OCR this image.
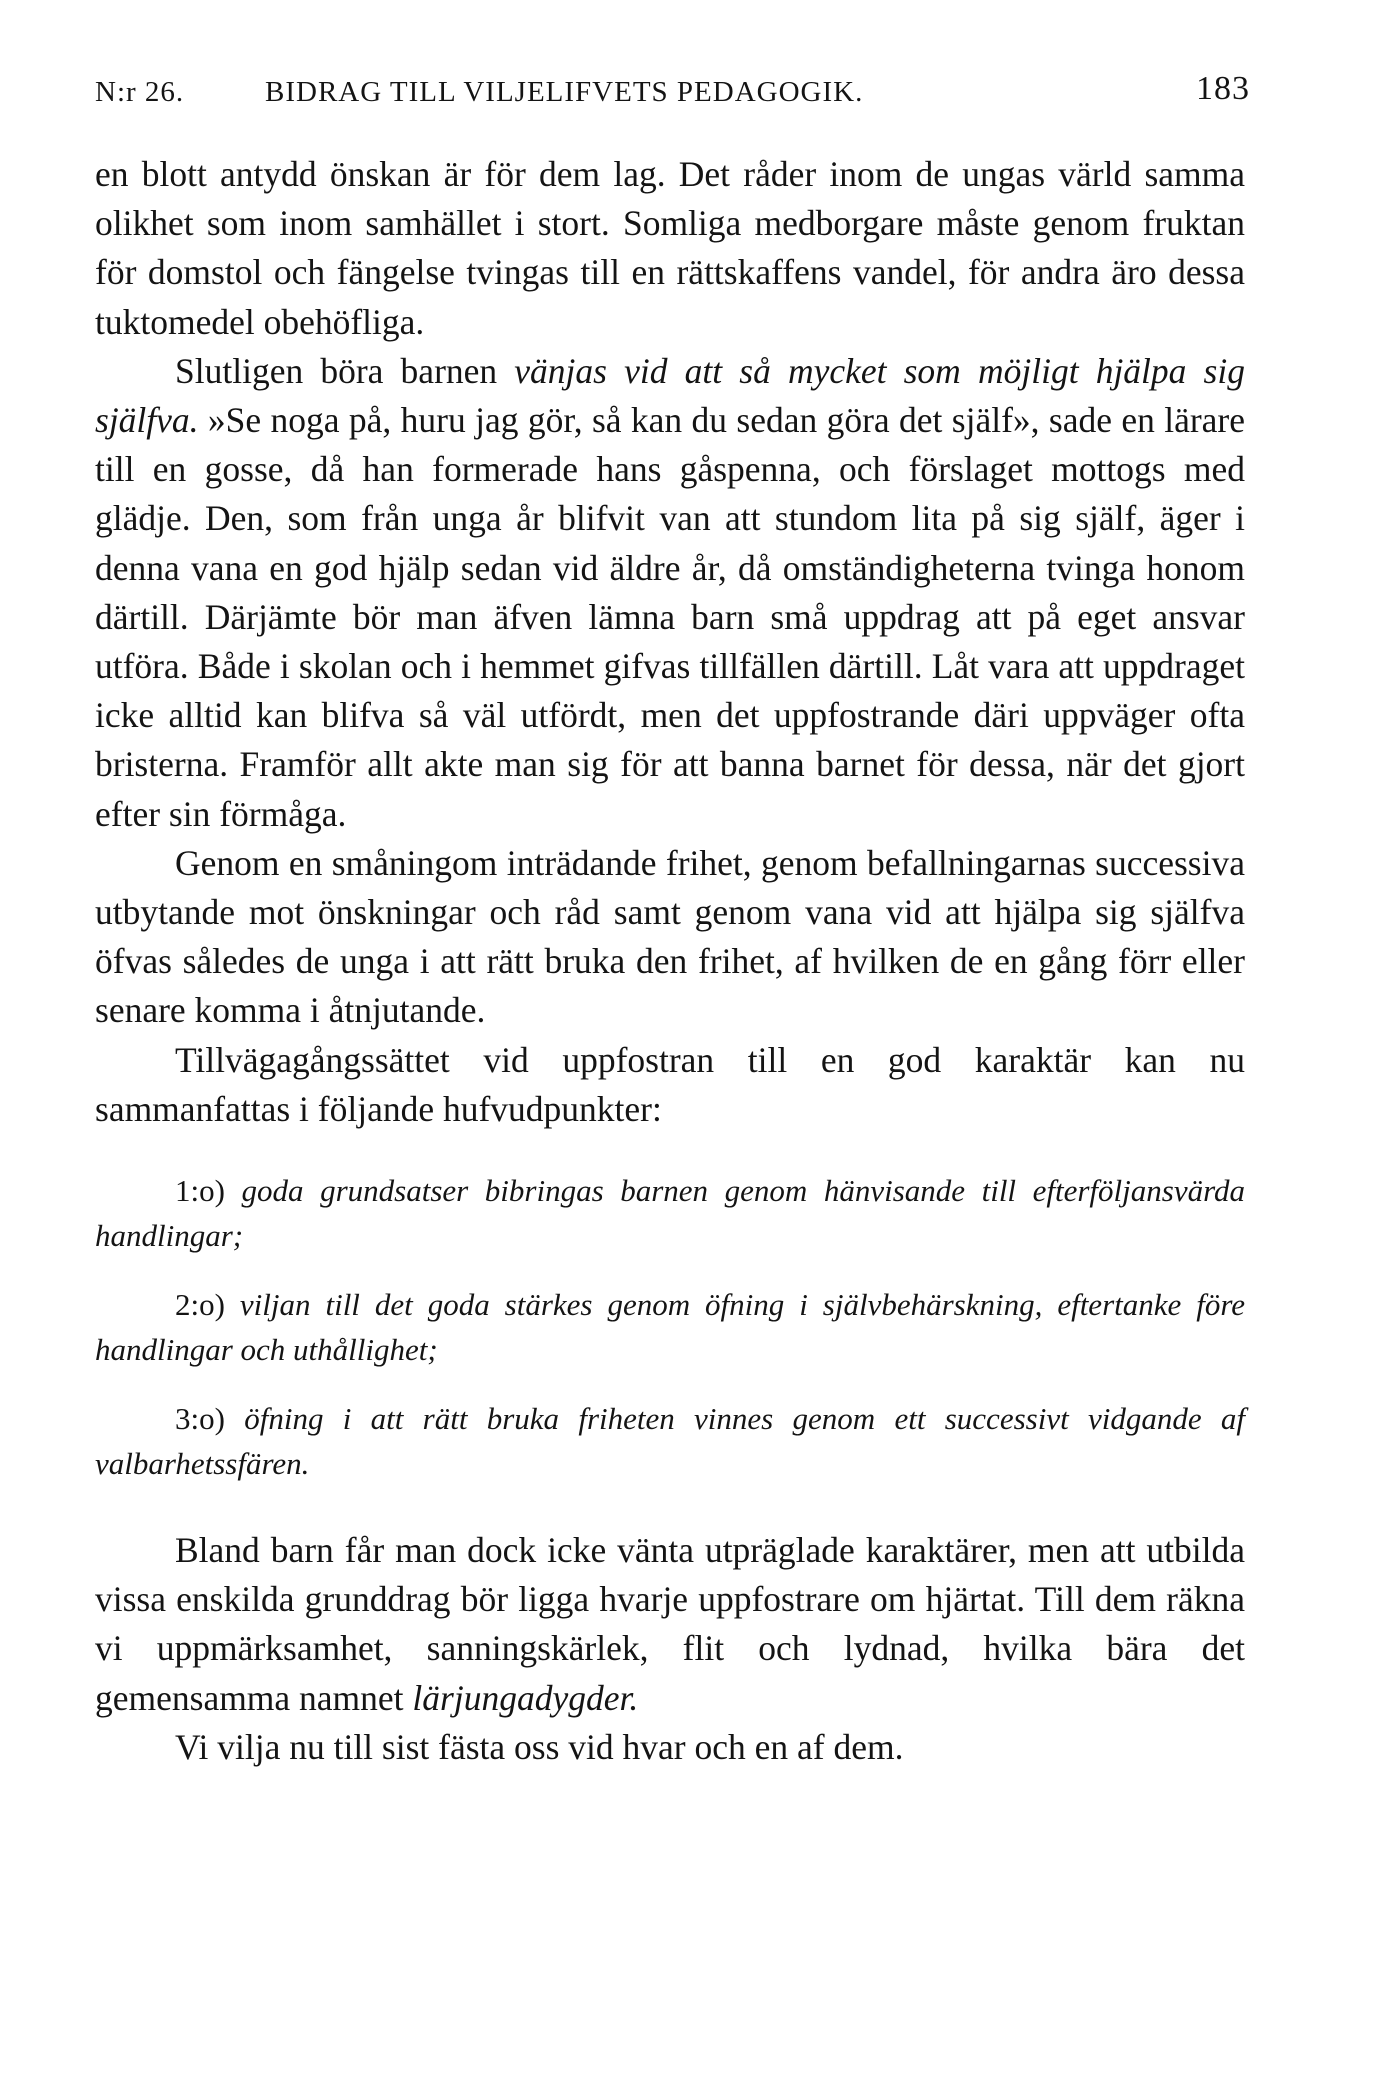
N:r 26.	BIDRAG TILL VILJELIFVETS PEDAGOGIK.	183

en blott antydd önskan är för dem lag. Det råder inom de ungas värld samma olikhet som inom samhället i stort. Somliga medborgare måste genom fruktan för domstol och fängelse tvingas till en rättskaffens vandel, för andra äro dessa tuktomedel obehöfliga.

Slutligen böra barnen vänjas vid att så mycket som möjligt hjälpa sig själfva. »Se noga på, huru jag gör, så kan du sedan göra det själf», sade en lärare till en gosse, då han formerade hans gåspenna, och förslaget mottogs med glädje. Den, som från unga år blifvit van att stundom lita på sig själf, äger i denna vana en god hjälp sedan vid äldre år, då omständigheterna tvinga honom därtill. Därjämte bör man äfven lämna barn små uppdrag att på eget ansvar utföra. Både i skolan och i hemmet gifvas tillfällen därtill. Låt vara att uppdraget icke alltid kan blifva så väl utfördt, men det uppfostrande däri uppväger ofta bristerna. Framför allt akte man sig för att banna barnet för dessa, när det gjort efter sin förmåga.

Genom en småningom inträdande frihet, genom befallningarnas successiva utbytande mot önskningar och råd samt genom vana vid att hjälpa sig själfva öfvas således de unga i att rätt bruka den frihet, af hvilken de en gång förr eller senare komma i åtnjutande.

Tillvägagångssättet vid uppfostran till en god karaktär kan nu sammanfattas i följande hufvudpunkter:

1:o) goda grundsatser bibringas barnen genom hänvisande till efterföljansvärda handlingar;

2:o) viljan till det goda stärkes genom öfning i självbehärskning, eftertanke före handlingar och uthållighet;

3:o) öfning i att rätt bruka friheten vinnes genom ett successivt vidgande af valbarhetssfären.

Bland barn får man dock icke vänta utpräglade karaktärer, men att utbilda vissa enskilda grunddrag bör ligga hvarje uppfostrare om hjärtat. Till dem räkna vi uppmärksamhet, sanningskärlek, flit och lydnad, hvilka bära det gemensamma namnet lärjungadygder.

Vi vilja nu till sist fästa oss vid hvar och en af dem.
